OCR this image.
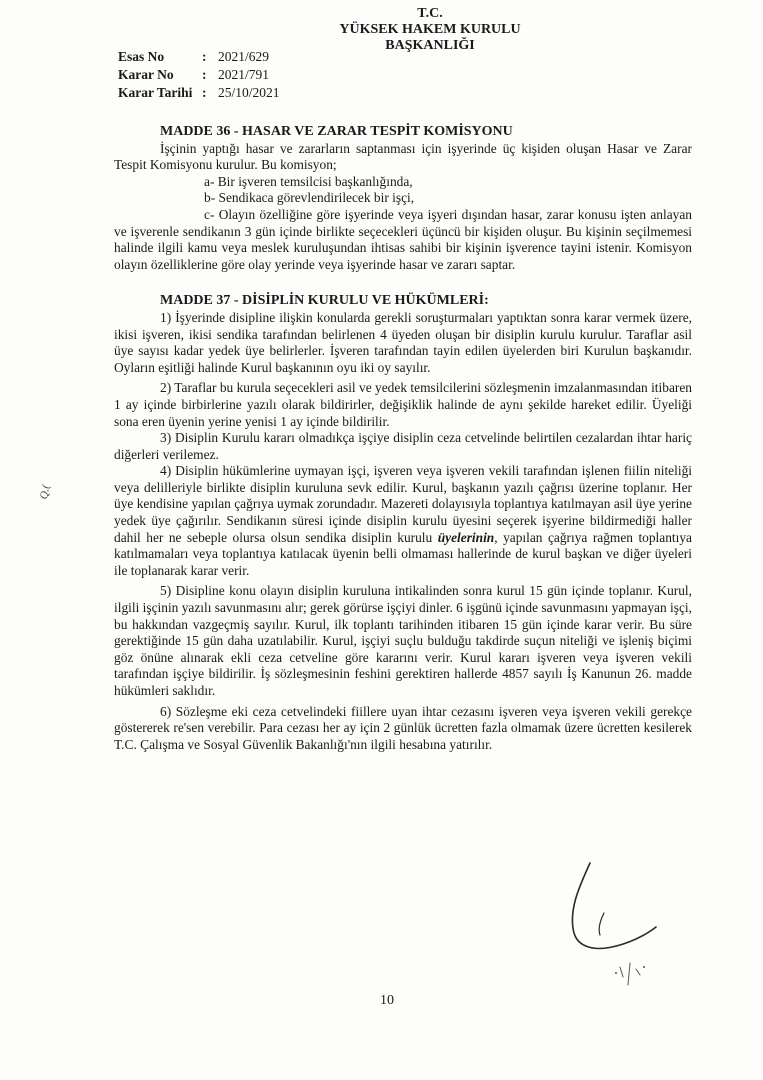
T.C.
YÜKSEK HAKEM KURULU
BAŞKANLIĞI
Esas No	: 2021/629
Karar No	: 2021/791
Karar Tarihi : 25/10/2021
MADDE 36 - HASAR VE ZARAR TESPİT KOMİSYONU

İşçinin yaptığı hasar ve zararların saptanması için işyerinde üç kişiden oluşan Hasar ve Zarar Tespit Komisyonu kurulur. Bu komisyon;

a- Bir işveren temsilcisi başkanlığında,

b- Sendikaca görevlendirilecek bir işçi,

c- Olayın özelliğine göre işyerinde veya işyeri dışından hasar, zarar konusu işten anlayan ve işverenle sendikanın 3 gün içinde birlikte seçecekleri üçüncü bir kişiden oluşur. Bu kişinin seçilmemesi halinde ilgili kamu veya meslek kuruluşundan ihtisas sahibi bir kişinin işverence tayini istenir. Komisyon olayın özelliklerine göre olay yerinde veya işyerinde hasar ve zararı saptar.

MADDE 37 - DİSİPLİN KURULU VE HÜKÜMLERİ:

1) İşyerinde disipline ilişkin konularda gerekli soruşturmaları yaptıktan sonra karar vermek üzere, ikisi işveren, ikisi sendika tarafından belirlenen 4 üyeden oluşan bir disiplin kurulu kurulur. Taraflar asil üye sayısı kadar yedek üye belirlerler. İşveren tarafından tayin edilen üyelerden biri Kurulun başkanıdır. Oyların eşitliği halinde Kurul başkanının oyu iki oy sayılır.

2) Taraflar bu kurula seçecekleri asil ve yedek temsilcilerini sözleşmenin imzalanmasından itibaren 1 ay içinde birbirlerine yazılı olarak bildirirler, değişiklik halinde de aynı şekilde hareket edilir. Üyeliği sona eren üyenin yerine yenisi 1 ay içinde bildirilir.

3) Disiplin Kurulu kararı olmadıkça işçiye disiplin ceza cetvelinde belirtilen cezalardan ihtar hariç diğerleri verilemez.

4) Disiplin hükümlerine uymayan işçi, işveren veya işveren vekili tarafından işlenen fiilin niteliği veya delilleriyle birlikte disiplin kuruluna sevk edilir. Kurul, başkanın yazılı çağrısı üzerine toplanır. Her üye kendisine yapılan çağrıya uymak zorundadır. Mazereti dolayısıyla toplantıya katılmayan asil üye yerine yedek üye çağırılır. Sendikanın süresi içinde disiplin kurulu üyesini seçerek işyerine bildirmediği haller dahil her ne sebeple olursa olsun sendika disiplin kurulu üyelerinin, yapılan çağrıya rağmen toplantıya katılmamaları veya toplantıya katılacak üyenin belli olmaması hallerinde de kurul başkan ve diğer üyeleri ile toplanarak karar verir.

5) Disipline konu olayın disiplin kuruluna intikalinden sonra kurul 15 gün içinde toplanır. Kurul, ilgili işçinin yazılı savunmasını alır; gerek görürse işçiyi dinler. 6 işgünü içinde savunmasını yapmayan işçi, bu hakkından vazgeçmiş sayılır. Kurul, ilk toplantı tarihinden itibaren 15 gün içinde karar verir. Bu süre gerektiğinde 15 gün daha uzatılabilir. Kurul, işçiyi suçlu bulduğu takdirde suçun niteliği ve işleniş biçimi göz önüne alınarak ekli ceza cetveline göre kararını verir. Kurul kararı işveren veya işveren vekili tarafından işçiye bildirilir. İş sözleşmesinin feshini gerektiren hallerde 4857 sayılı İş Kanunun 26. madde hükümleri saklıdır.

6) Sözleşme eki ceza cetvelindeki fiillere uyan ihtar cezasını işveren veya işveren vekili gerekçe göstererek re'sen verebilir. Para cezası her ay için 2 günlük ücretten fazla olmamak üzere ücretten kesilerek T.C. Çalışma ve Sosyal Güvenlik Bakanlığı'nın ilgili hesabına yatırılır.

Q.(
10
